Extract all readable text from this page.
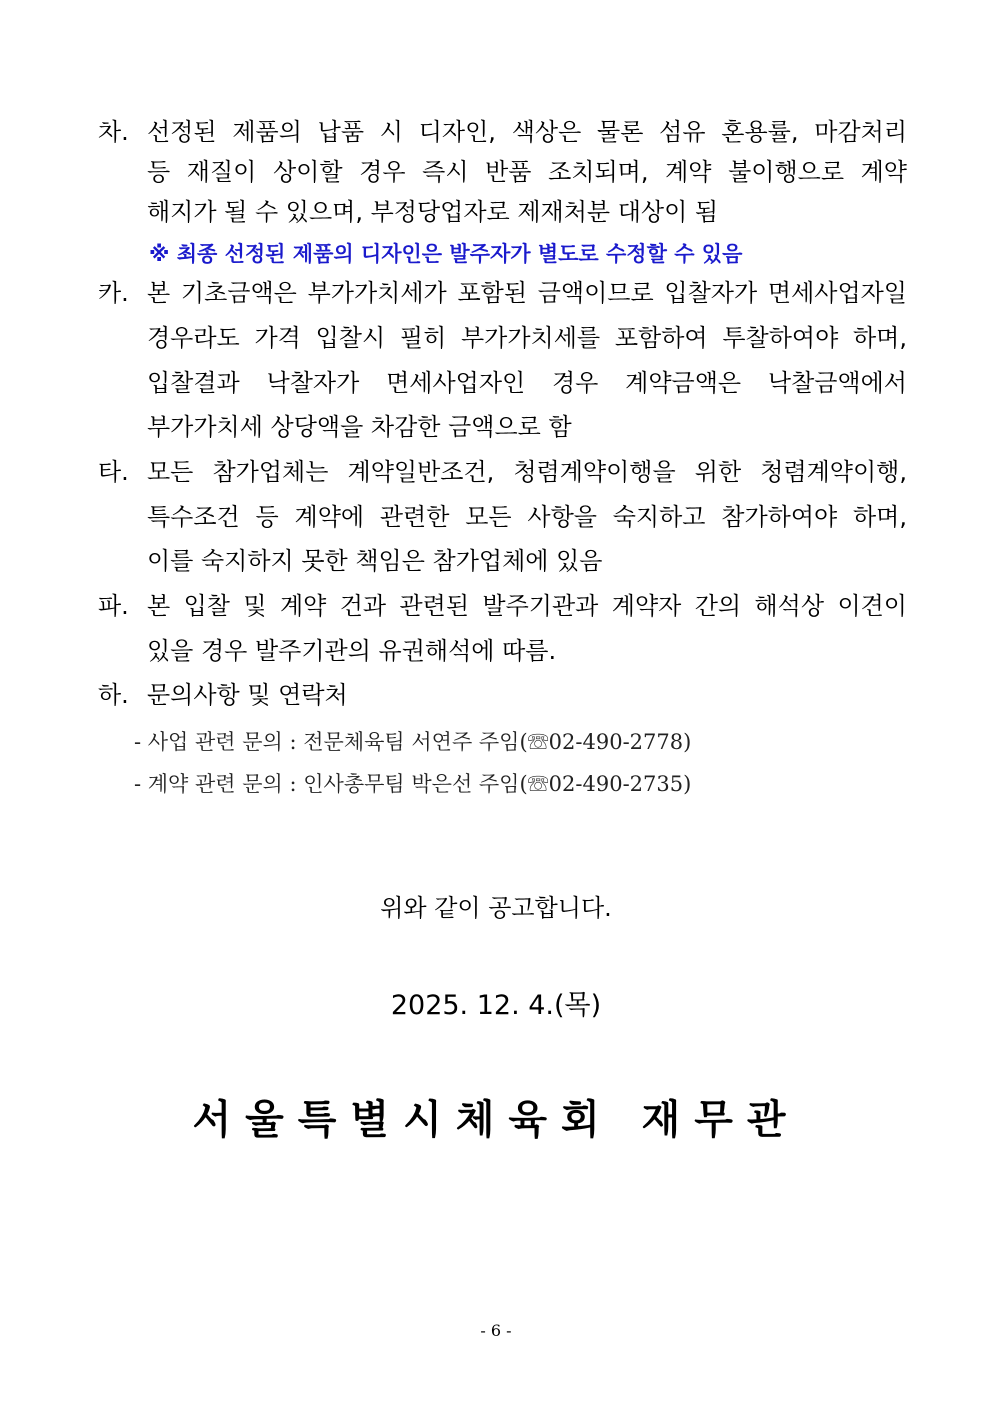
차. 선정된 제품의 납품 시 디자인, 색상은 물론 섬유 혼용률, 마감처리
등 재질이 상이할 경우 즉시 반품 조치되며, 계약 불이행으로 계약
해지가 될 수 있으며, 부정당업자로 제재처분 대상이 됨
※ 최종 선정된 제품의 디자인은 발주자가 별도로 수정할 수 있음
카. 본 기초금액은 부가가치세가 포함된 금액이므로 입찰자가 면세사업자일
경우라도 가격 입찰시 필히 부가가치세를 포함하여 투찰하여야 하며,
입찰결과 낙찰자가 면세사업자인 경우 계약금액은 낙찰금액에서
부가가치세 상당액을 차감한 금액으로 함
타. 모든 참가업체는 계약일반조건, 청렴계약이행을 위한 청렴계약이행,
특수조건 등 계약에 관련한 모든 사항을 숙지하고 참가하여야 하며,
이를 숙지하지 못한 책임은 참가업체에 있음
파. 본 입찰 및 계약 건과 관련된 발주기관과 계약자 간의 해석상 이견이
있을 경우 발주기관의 유권해석에 따름.
하. 문의사항 및 연락처
- 사업 관련 문의 : 전문체육팀 서연주 주임(☏02-490-2778)
- 계약 관련 문의 : 인사총무팀 박은선 주임(☏02-490-2735)
위와 같이 공고합니다.
2025. 12. 4.(목)
서울특별시체육회 재무관
- 6 -
